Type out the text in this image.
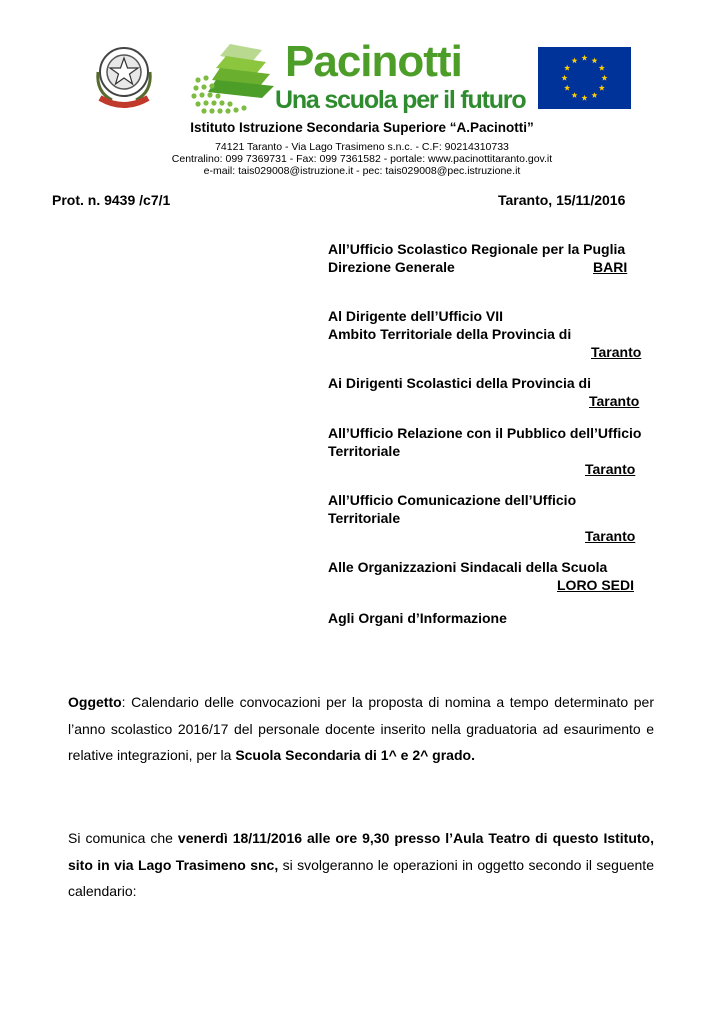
Pacinotti
Una scuola per il futuro
Istituto Istruzione Secondaria Superiore “A.Pacinotti”
74121 Taranto - Via Lago Trasimeno s.n.c. - C.F: 90214310733
Centralino: 099 7369731 - Fax: 099 7361582 - portale: www.pacinottitaranto.gov.it
e-mail: tais029008@istruzione.it - pec: tais029008@pec.istruzione.it
Prot. n. 9439 /c7/1	Taranto, 15/11/2016
All’Ufficio Scolastico Regionale per la Puglia
Direzione Generale	BARI
Al Dirigente dell’Ufficio VII
Ambito Territoriale della Provincia di
Taranto
Ai Dirigenti Scolastici della Provincia di
Taranto
All’Ufficio Relazione con il Pubblico dell’Ufficio
Territoriale
Taranto
All’Ufficio Comunicazione dell’Ufficio
Territoriale
Taranto
Alle Organizzazioni Sindacali della Scuola
LORO SEDI
Agli Organi d’Informazione
Oggetto: Calendario delle convocazioni per la proposta di nomina a tempo determinato per l’anno scolastico 2016/17 del personale docente inserito nella graduatoria ad esaurimento e relative integrazioni, per la Scuola Secondaria di 1^ e 2^ grado.
Si comunica che venerdì 18/11/2016 alle ore 9,30 presso l’Aula Teatro di questo Istituto, sito in via Lago Trasimeno snc, si svolgeranno le operazioni in oggetto secondo il seguente calendario:
